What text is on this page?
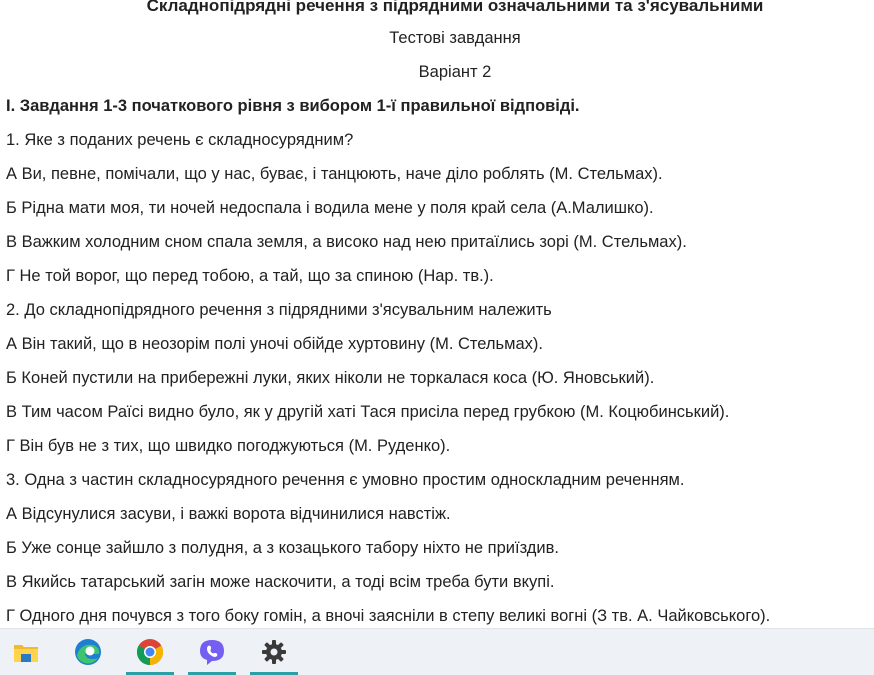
Складнопідрядні речення з підрядними означальними та з'ясувальними
Тестові завдання
Варіант 2
І. Завдання 1-3 початкового рівня з вибором 1-ї правильної відповіді.
1. Яке з поданих речень є складносурядним?
А Ви, певне, помічали, що у нас, буває, і танцюють, наче діло роблять (М. Стельмах).
Б Рідна мати моя, ти ночей недоспала і водила мене у поля край села (А.Малишко).
В Важким холодним сном спала земля, а високо над нею притаїлись зорі (М. Стельмах).
Г Не той ворог, що перед тобою, а тай, що за спиною (Нар. тв.).
2. До складнопідрядного речення з підрядними з'ясувальним належить
А Він такий, що в неозорім полі уночі обійде хуртовину (М. Стельмах).
Б Коней пустили на прибережні луки, яких ніколи не торкалася коса (Ю. Яновський).
В Тим часом Раїсі видно було, як у другій хаті Тася присіла перед грубкою (М. Коцюбинський).
Г Він був не з тих, що швидко погоджуються (М. Руденко).
3. Одна з частин складносурядного речення є умовно простим односкладним реченням.
А Відсунулися засуви, і важкі ворота відчинилися навстіж.
Б Уже сонце зайшло з полудня, а з козацького табору ніхто не приїздив.
В Якийсь татарський загін може наскочити, а тоді всім треба бути вкупі.
Г Одного дня почувся з того боку гомін, а вночі заясніли в степу великі вогні (З тв. А. Чайковського).
